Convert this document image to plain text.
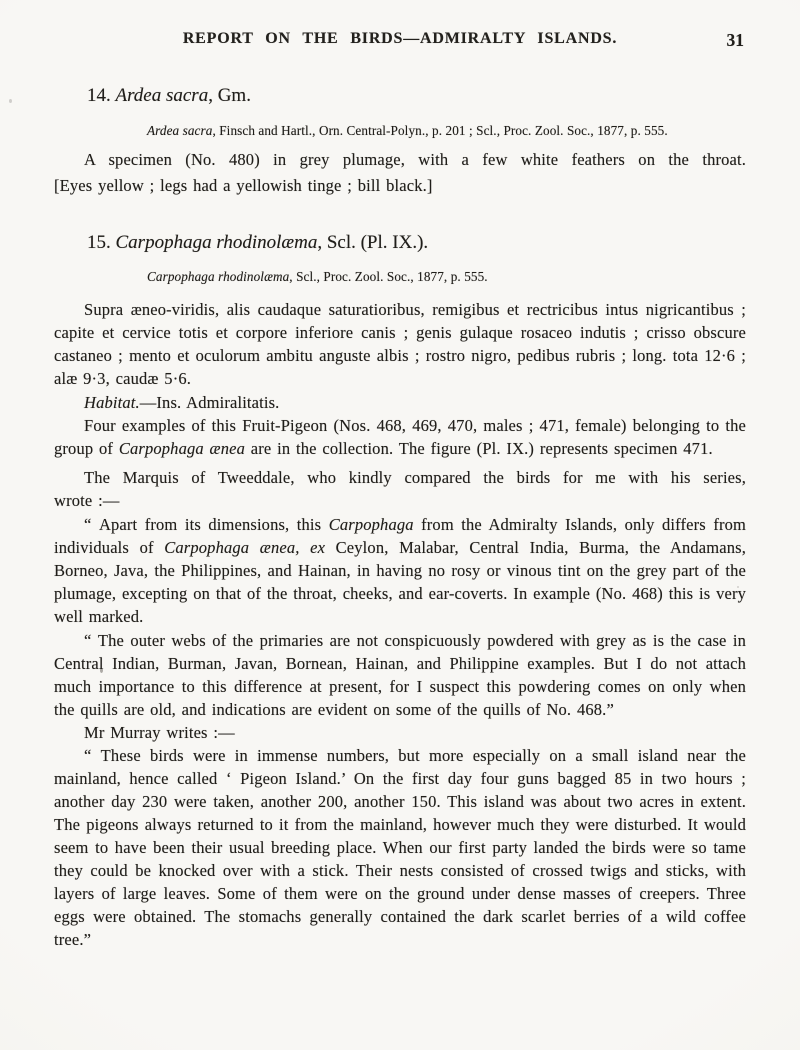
REPORT ON THE BIRDS—ADMIRALTY ISLANDS.	31

14. Ardea sacra, Gm.

Ardea sacra, Finsch and Hartl., Orn. Central-Polyn., p. 201 ; Scl., Proc. Zool. Soc., 1877, p. 555.

A specimen (No. 480) in grey plumage, with a few white feathers on the throat.
[Eyes yellow ; legs had a yellowish tinge ; bill black.]

15. Carpophaga rhodinolæma, Scl. (Pl. IX.).

Carpophaga rhodinolæma, Scl., Proc. Zool. Soc., 1877, p. 555.

Supra æneo-viridis, alis caudaque saturatioribus, remigibus et rectricibus intus nigricantibus ; capite et cervice totis et corpore inferiore canis ; genis gulaque rosaceo indutis ; crisso obscure castaneo ; mento et oculorum ambitu anguste albis ; rostro nigro, pedibus rubris ; long. tota 12·6 ; alæ 9·3, caudæ 5·6.

Habitat.—Ins. Admiralitatis.

Four examples of this Fruit-Pigeon (Nos. 468, 469, 470, males ; 471, female) belonging to the group of Carpophaga ænea are in the collection. The figure (Pl. IX.) represents specimen 471.

The Marquis of Tweeddale, who kindly compared the birds for me with his series,
wrote :—

“ Apart from its dimensions, this Carpophaga from the Admiralty Islands, only differs from individuals of Carpophaga ænea, ex Ceylon, Malabar, Central India, Burma, the Andamans, Borneo, Java, the Philippines, and Hainan, in having no rosy or vinous tint on the grey part of the plumage, excepting on that of the throat, cheeks, and ear-coverts. In example (No. 468) this is very well marked.

“ The outer webs of the primaries are not conspicuously powdered with grey as is the case in Central Indian, Burman, Javan, Bornean, Hainan, and Philippine examples. But I do not attach much importance to this difference at present, for I suspect this powdering comes on only when the quills are old, and indications are evident on some of the quills of No. 468.”

Mr Murray writes :—

“ These birds were in immense numbers, but more especially on a small island near the mainland, hence called ‘ Pigeon Island.’ On the first day four guns bagged 85 in two hours ; another day 230 were taken, another 200, another 150. This island was about two acres in extent. The pigeons always returned to it from the mainland, however much they were disturbed. It would seem to have been their usual breeding place. When our first party landed the birds were so tame they could be knocked over with a stick. Their nests consisted of crossed twigs and sticks, with layers of large leaves. Some of them were on the ground under dense masses of creepers. Three eggs were obtained. The stomachs generally contained the dark scarlet berries of a wild coffee tree.”
